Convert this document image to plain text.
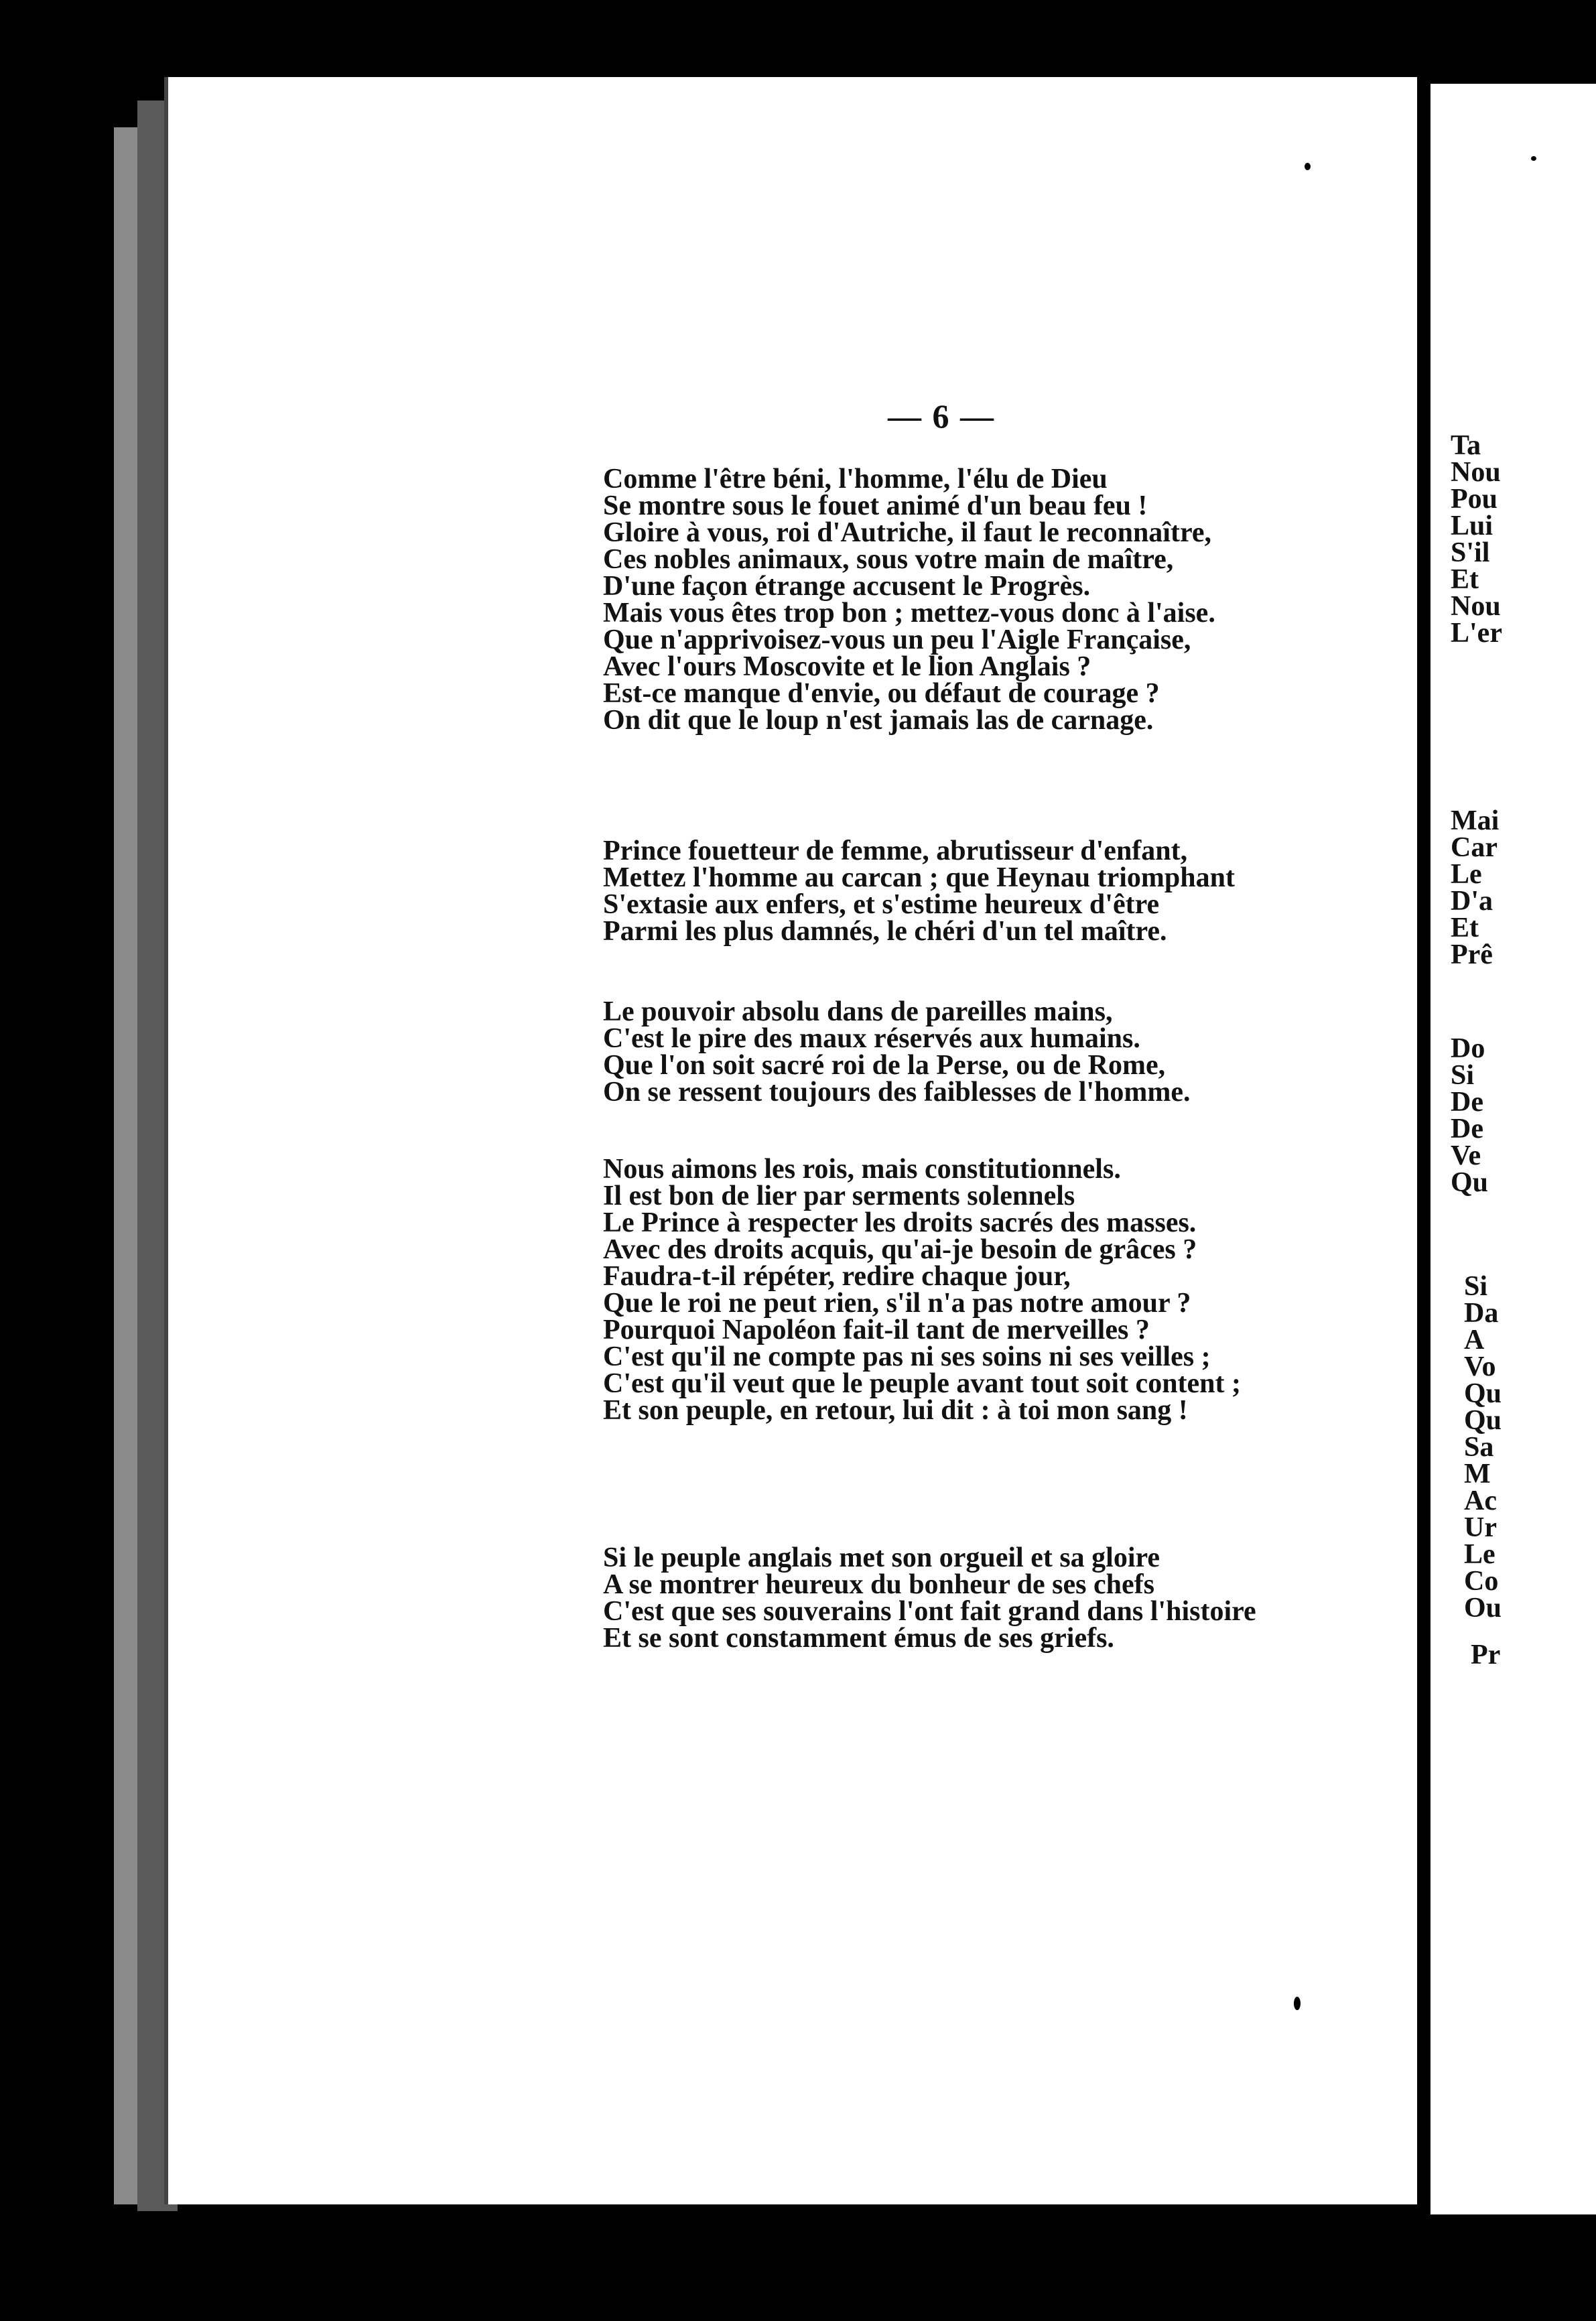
Ta
Nou
Pou
Lui
S'il
Et
Nou
L'er
Mai
Car
Le
D'a
Et
Prê
Do
Si
De
De
Ve
Qu
Si
Da
A
Vo
Qu
Qu
Sa
M
Ac
Ur
Le
Co
Ou
Pr
— 6 —
Comme l'être béni, l'homme, l'élu de Dieu
Se montre sous le fouet animé d'un beau feu !
Gloire à vous, roi d'Autriche, il faut le reconnaître,
Ces nobles animaux, sous votre main de maître,
D'une façon étrange accusent le Progrès.
Mais vous êtes trop bon ; mettez-vous donc à l'aise.
Que n'apprivoisez-vous un peu l'Aigle Française,
Avec l'ours Moscovite et le lion Anglais ?
Est-ce manque d'envie, ou défaut de courage ?
On dit que le loup n'est jamais las de carnage.
Prince fouetteur de femme, abrutisseur d'enfant,
Mettez l'homme au carcan ; que Heynau triomphant
S'extasie aux enfers, et s'estime heureux d'être
Parmi les plus damnés, le chéri d'un tel maître.
Le pouvoir absolu dans de pareilles mains,
C'est le pire des maux réservés aux humains.
Que l'on soit sacré roi de la Perse, ou de Rome,
On se ressent toujours des faiblesses de l'homme.
Nous aimons les rois, mais constitutionnels.
Il est bon de lier par serments solennels
Le Prince à respecter les droits sacrés des masses.
Avec des droits acquis, qu'ai-je besoin de grâces ?
Faudra-t-il répéter, redire chaque jour,
Que le roi ne peut rien, s'il n'a pas notre amour ?
Pourquoi Napoléon fait-il tant de merveilles ?
C'est qu'il ne compte pas ni ses soins ni ses veilles ;
C'est qu'il veut que le peuple avant tout soit content ;
Et son peuple, en retour, lui dit : à toi mon sang !
Si le peuple anglais met son orgueil et sa gloire
A se montrer heureux du bonheur de ses chefs
C'est que ses souverains l'ont fait grand dans l'histoire
Et se sont constamment émus de ses griefs.
